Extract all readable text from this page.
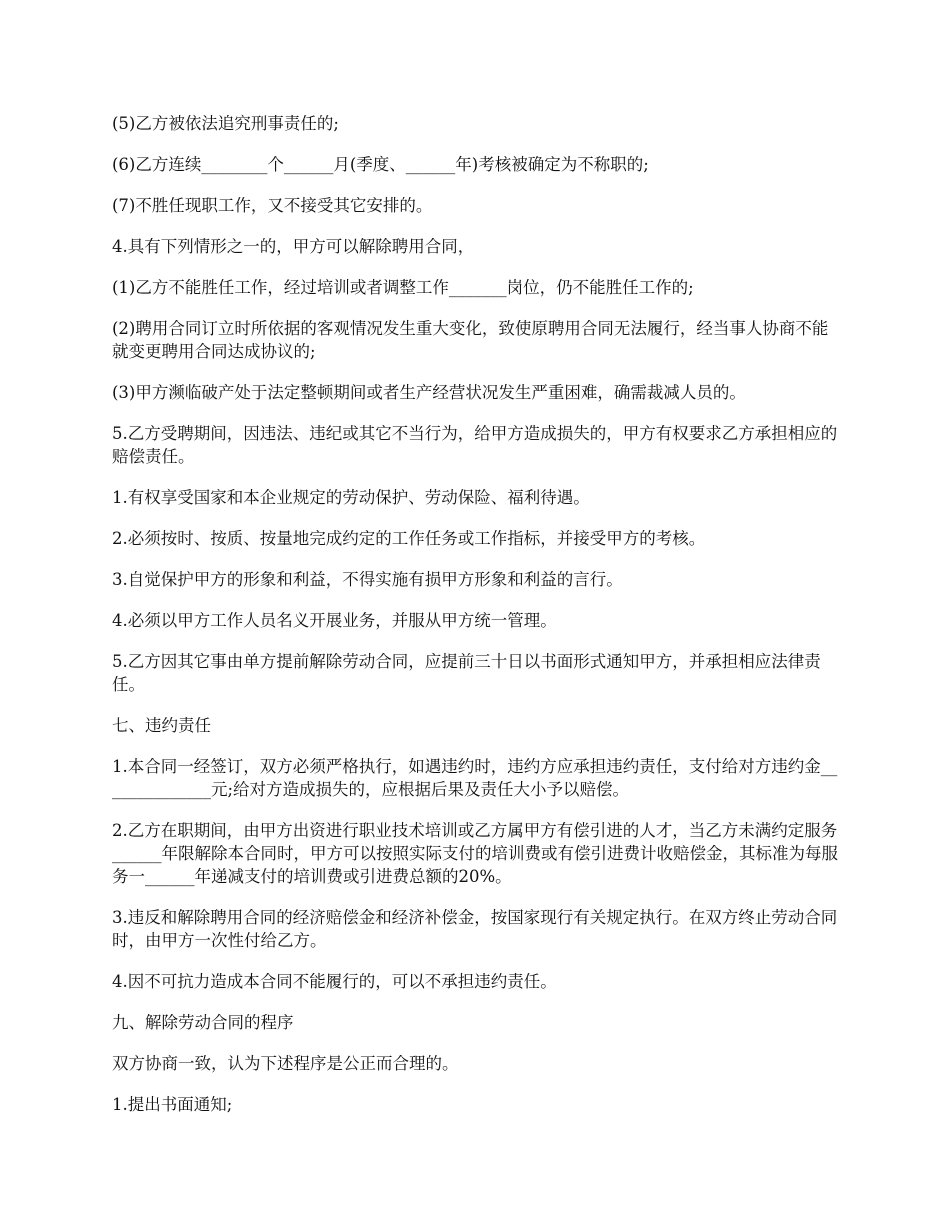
(5)乙方被依法追究刑事责任的;

(6)乙方连续________个______月(季度、______年)考核被确定为不称职的;

(7)不胜任现职工作，又不接受其它安排的。

4.具有下列情形之一的，甲方可以解除聘用合同，

(1)乙方不能胜任工作，经过培训或者调整工作_______岗位，仍不能胜任工作的;

(2)聘用合同订立时所依据的客观情况发生重大变化，致使原聘用合同无法履行，经当事人协商不能就变更聘用合同达成协议的;

(3)甲方濒临破产处于法定整顿期间或者生产经营状况发生严重困难，确需裁减人员的。

5.乙方受聘期间，因违法、违纪或其它不当行为，给甲方造成损失的，甲方有权要求乙方承担相应的赔偿责任。

1.有权享受国家和本企业规定的劳动保护、劳动保险、福利待遇。

2.必须按时、按质、按量地完成约定的工作任务或工作指标，并接受甲方的考核。

3.自觉保护甲方的形象和利益，不得实施有损甲方形象和利益的言行。

4.必须以甲方工作人员名义开展业务，并服从甲方统一管理。

5.乙方因其它事由单方提前解除劳动合同，应提前三十日以书面形式通知甲方，并承担相应法律责任。

七、违约责任

1.本合同一经签订，双方必须严格执行，如遇违约时，违约方应承担违约责任，支付给对方违约金______________元;给对方造成损失的，应根据后果及责任大小予以赔偿。

2.乙方在职期间，由甲方出资进行职业技术培训或乙方属甲方有偿引进的人才，当乙方未满约定服务______年限解除本合同时，甲方可以按照实际支付的培训费或有偿引进费计收赔偿金，其标准为每服务一______年递减支付的培训费或引进费总额的20%。

3.违反和解除聘用合同的经济赔偿金和经济补偿金，按国家现行有关规定执行。在双方终止劳动合同时，由甲方一次性付给乙方。

4.因不可抗力造成本合同不能履行的，可以不承担违约责任。

九、解除劳动合同的程序

双方协商一致，认为下述程序是公正而合理的。

1.提出书面通知;
